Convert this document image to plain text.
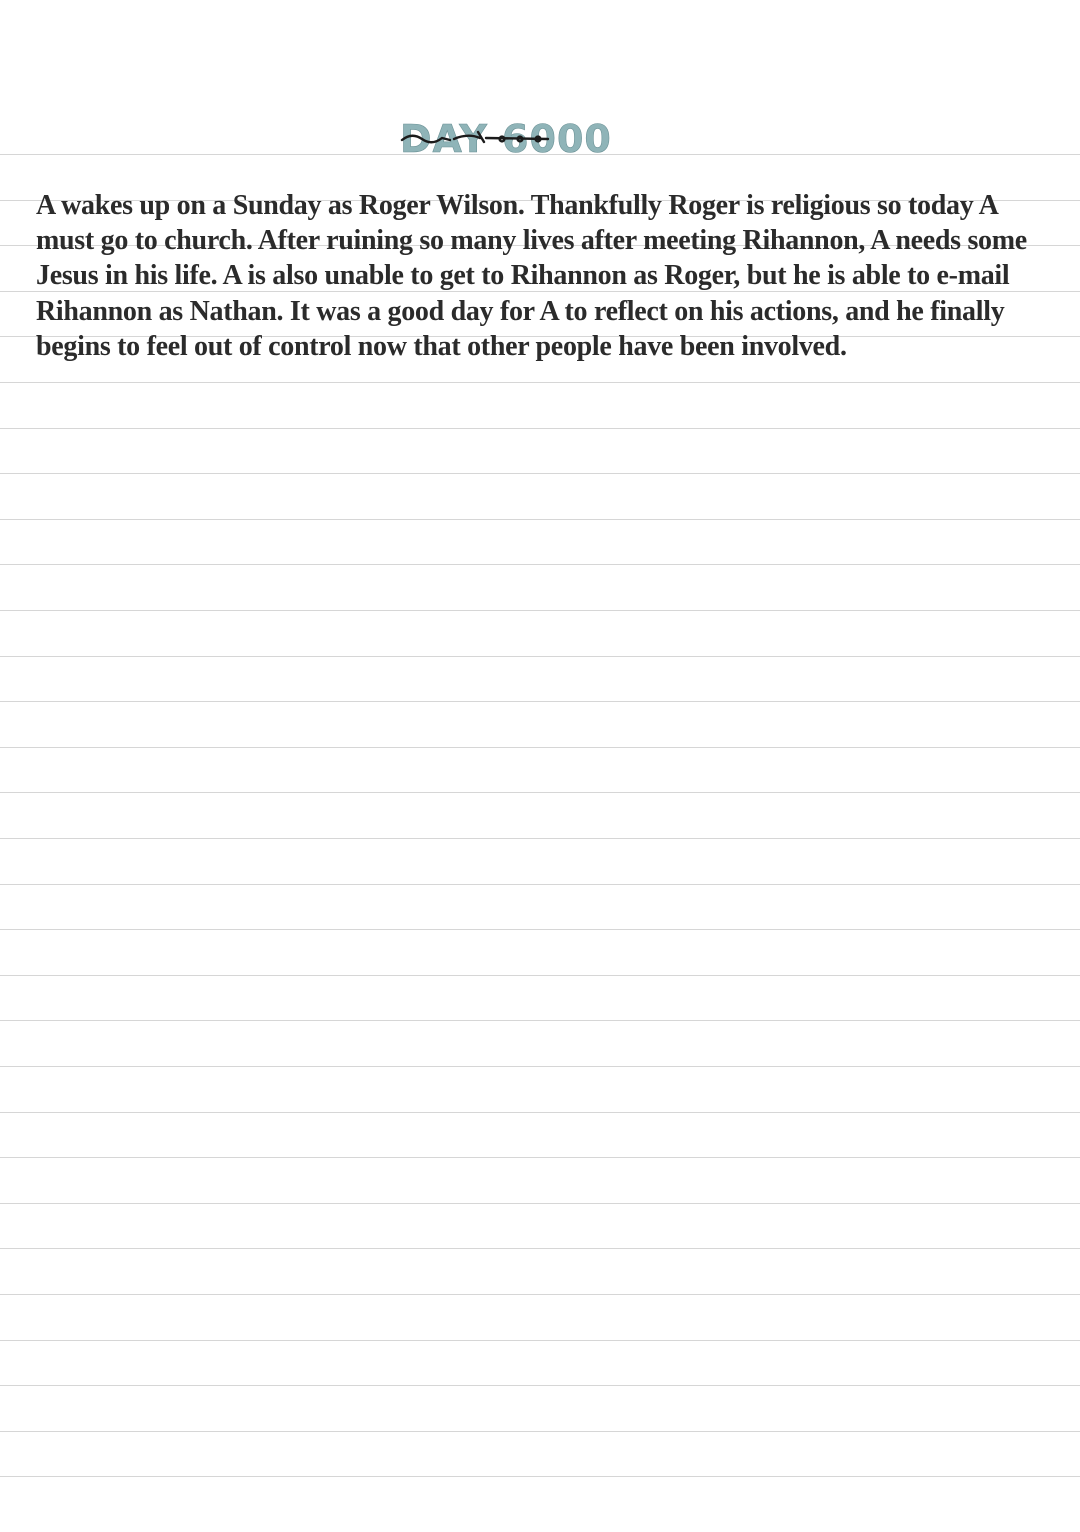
DAY 6000

A wakes up on a Sunday as Roger Wilson. Thankfully Roger is religious so today A must go to church. After ruining so many lives after meeting Rihannon, A needs some Jesus in his life. A is also unable to get to Rihannon as Roger, but he is able to e-mail Rihannon as Nathan. It was a good day for A to reflect on his actions, and he finally begins to feel out of control now that other people have been involved.
